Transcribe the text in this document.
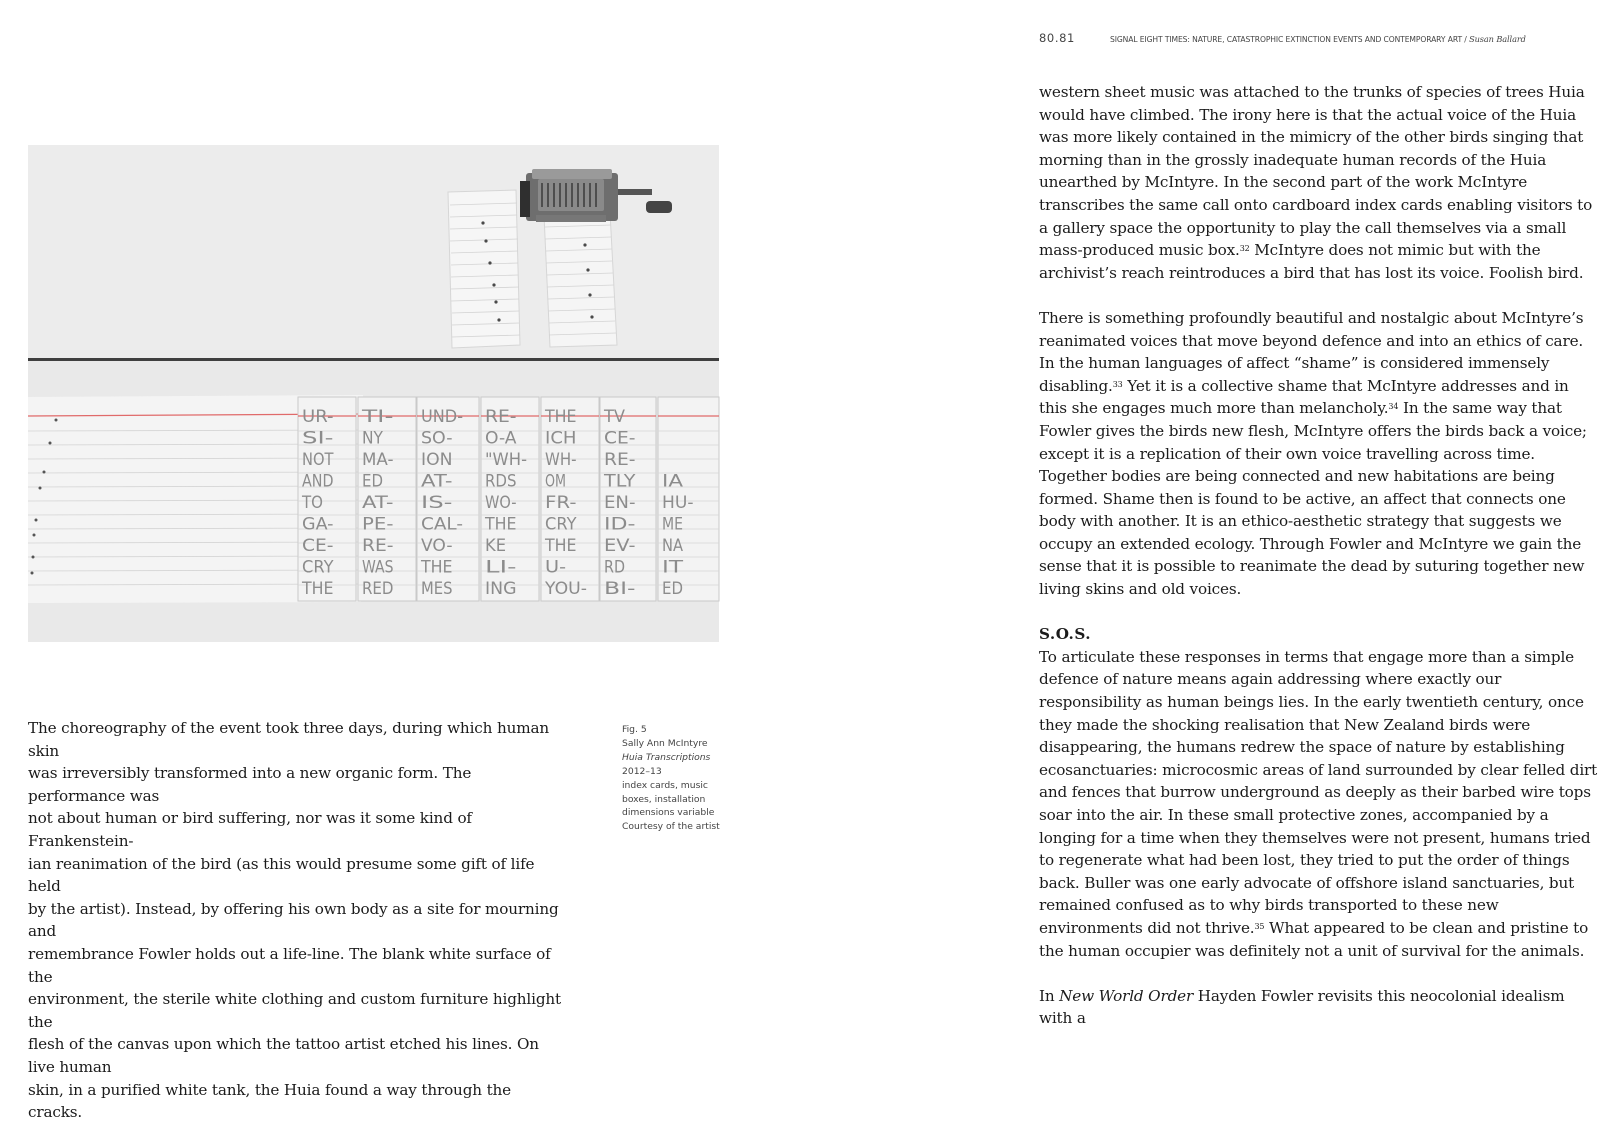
UR-
SI-
NOT
AND
TO
GA-
CE-
CRY
THE
TI-
NY
MA-
ED
AT-
PE-
RE-
WAS
RED
UND-
SO-
ION
AT-
IS-
CAL-
VO-
THE
MES
RE-
O-A
"WH-
RDS
WO-
THE
KE
LI-
ING
THE
ICH
WH-
OM
FR-
CRY
THE
U-
YOU-
TV
CE-
RE-
TLY
EN-
ID-
EV-
RD
BI-
IA
HU-
ME
NA
IT
ED

The choreography of the event took three days, during which human skin
was irreversibly transformed into a new organic form. The performance was
not about human or bird suffering, nor was it some kind of Frankenstein-
ian reanimation of the bird (as this would presume some gift of life held
by the artist). Instead, by offering his own body as a site for mourning and
remembrance Fowler holds out a life-line. The blank white surface of the
environment, the sterile white clothing and custom furniture highlight the
flesh of the canvas upon which the tattoo artist etched his lines. On live human
skin, in a purified white tank, the Huia found a way through the cracks.

Fig. 5
Sally Ann McIntyre
Huia Transcriptions
2012–13
index cards, music
boxes, installation
dimensions variable
Courtesy of the artist
80.81	SIGNAL EIGHT TIMES: NATURE, CATASTROPHIC EXTINCTION EVENTS AND CONTEMPORARY ART / Susan Ballard

western sheet music was attached to the trunks of species of trees Huia would have climbed. The irony here is that the actual voice of the Huia was more likely contained in the mimicry of the other birds singing that morning than in the grossly inadequate human records of the Huia unearthed by McIntyre. In the second part of the work McIntyre transcribes the same call onto cardboard index cards enabling visitors to a gallery space the opportunity to play the call themselves via a small mass-produced music box.$^{32}$ McIntyre does not mimic but with the archivist’s reach reintroduces a bird that has lost its voice. Foolish bird.

There is something profoundly beautiful and nostalgic about McIntyre’s reanimated voices that move beyond defence and into an ethics of care. In the human languages of affect “shame” is considered immensely disabling.$^{33}$ Yet it is a collective shame that McIntyre addresses and in this she engages much more than melancholy.$^{34}$ In the same way that Fowler gives the birds new flesh, McIntyre offers the birds back a voice; except it is a replication of their own voice travelling across time. Together bodies are being connected and new habitations are being formed. Shame then is found to be active, an affect that connects one body with another. It is an ethico-aesthetic strategy that suggests we occupy an extended ecology. Through Fowler and McIntyre we gain the sense that it is possible to reanimate the dead by suturing together new living skins and old voices.

S.O.S.

To articulate these responses in terms that engage more than a simple defence of nature means again addressing where exactly our responsibility as human beings lies. In the early twentieth century, once they made the shocking realisation that New Zealand birds were disappearing, the humans redrew the space of nature by establishing ecosanctuaries: microcosmic areas of land surrounded by clear felled dirt and fences that burrow underground as deeply as their barbed wire tops soar into the air. In these small protective zones, accompanied by a longing for a time when they themselves were not present, humans tried to regenerate what had been lost, they tried to put the order of things back. Buller was one early advocate of offshore island sanctuaries, but remained confused as to why birds transported to these new environments did not thrive.$^{35}$ What appeared to be clean and pristine to the human occupier was definitely not a unit of survival for the animals.

In New World Order Hayden Fowler revisits this neocolonial idealism with a
